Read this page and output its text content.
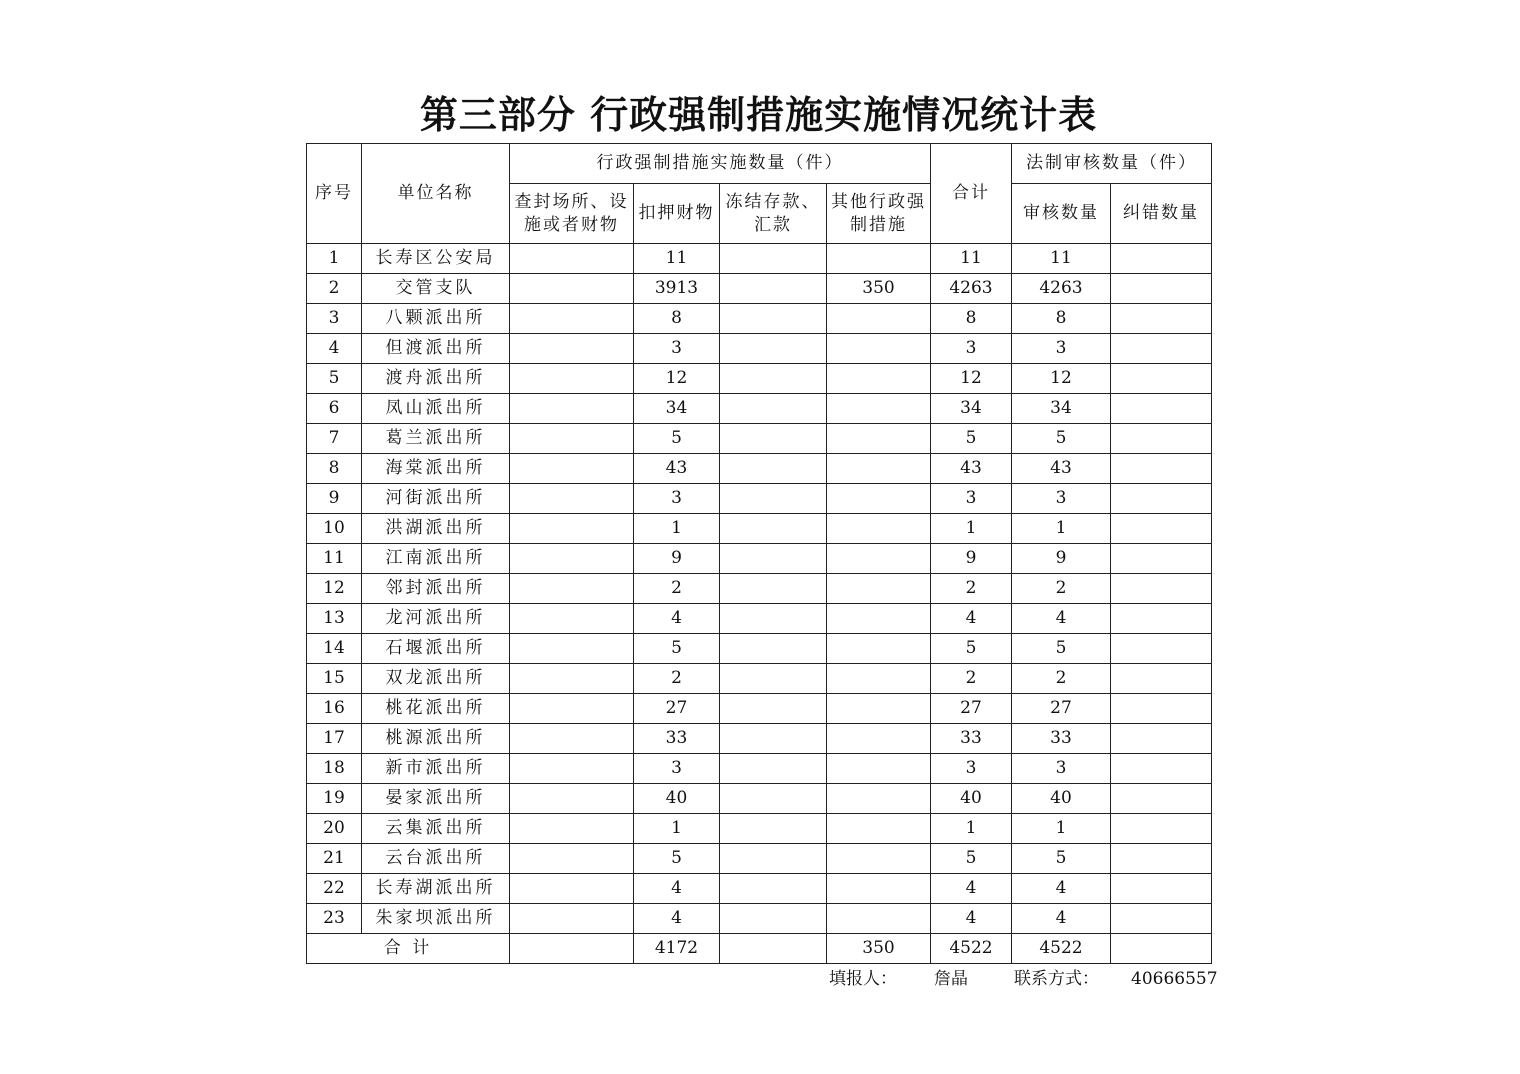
第三部分 行政强制措施实施情况统计表
序号	单位名称	行政强制措施实施数量（件）				合计	法制审核数量（件）	
		查封场所、设施或者财物	扣押财物	冻结存款、汇款	其他行政强制措施		审核数量	纠错数量
1	长寿区公安局		11			11	11	
2	交管支队		3913		350	4263	4263	
3	八颗派出所		8			8	8	
4	但渡派出所		3			3	3	
5	渡舟派出所		12			12	12	
6	凤山派出所		34			34	34	
7	葛兰派出所		5			5	5	
8	海棠派出所		43			43	43	
9	河街派出所		3			3	3	
10	洪湖派出所		1			1	1	
11	江南派出所		9			9	9	
12	邻封派出所		2			2	2	
13	龙河派出所		4			4	4	
14	石堰派出所		5			5	5	
15	双龙派出所		2			2	2	
16	桃花派出所		27			27	27	
17	桃源派出所		33			33	33	
18	新市派出所		3			3	3	
19	晏家派出所		40			40	40	
20	云集派出所		1			1	1	
21	云台派出所		5			5	5	
22	长寿湖派出所		4			4	4	
23	朱家坝派出所		4			4	4	
合 计			4172		350	4522	4522	
填报人： 詹晶	联系方式： 40666557
